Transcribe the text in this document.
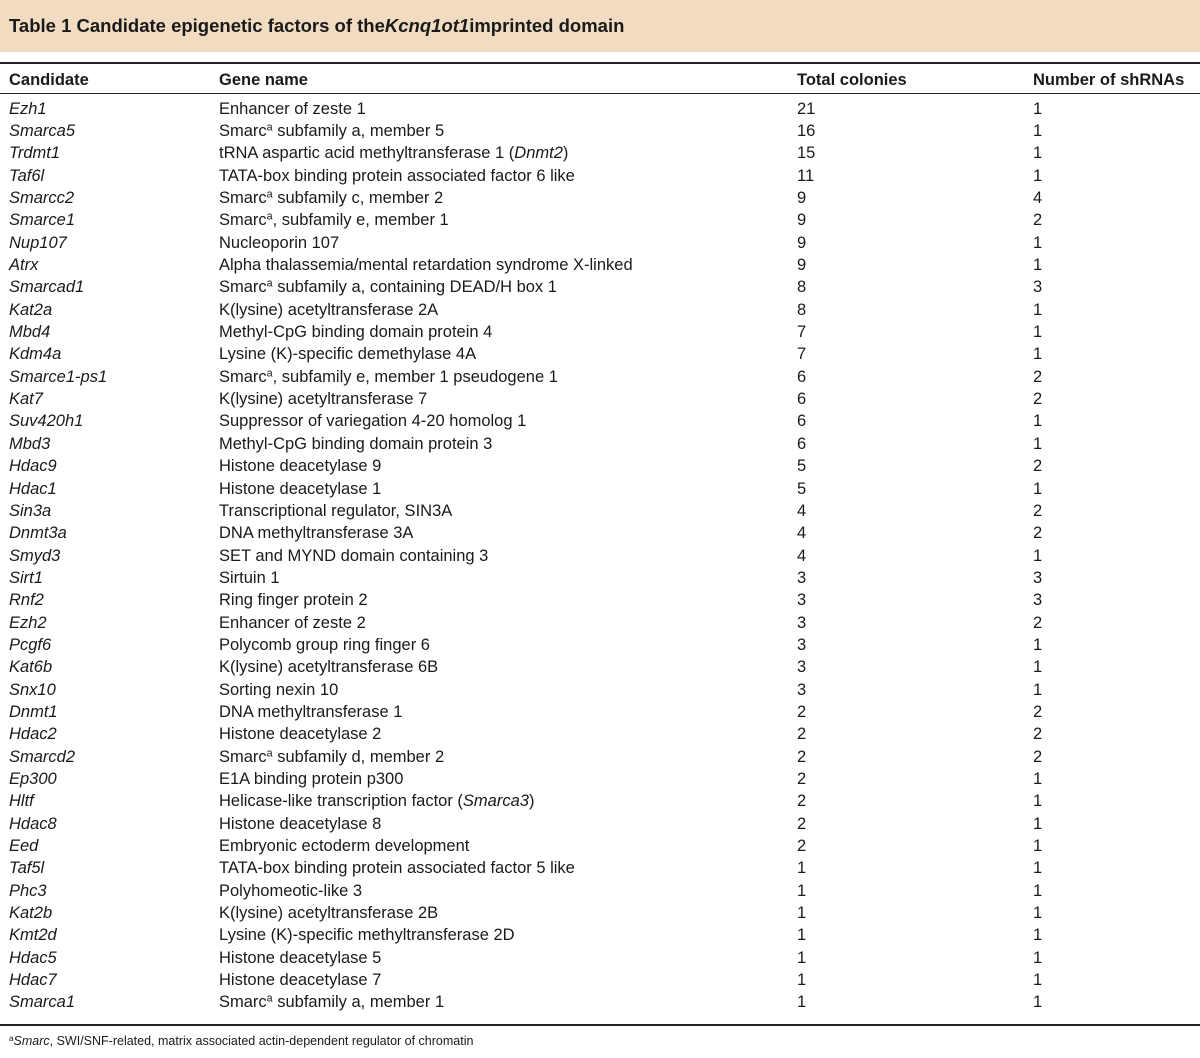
Table 1 Candidate epigenetic factors of the Kcnq1ot1 imprinted domain
Candidate	Gene name	Total colonies	Number of shRNAs
Ezh1	Enhancer of zeste 1	21	1
Smarca5	Smarc$^a$ subfamily a, member 5	16	1
Trdmt1	tRNA aspartic acid methyltransferase 1 (Dnmt2)	15	1
Taf6l	TATA-box binding protein associated factor 6 like	11	1
Smarcc2	Smarc$^a$ subfamily c, member 2	9	4
Smarce1	Smarc$^a$, subfamily e, member 1	9	2
Nup107	Nucleoporin 107	9	1
Atrx	Alpha thalassemia/mental retardation syndrome X-linked	9	1
Smarcad1	Smarc$^a$ subfamily a, containing DEAD/H box 1	8	3
Kat2a	K(lysine) acetyltransferase 2A	8	1
Mbd4	Methyl-CpG binding domain protein 4	7	1
Kdm4a	Lysine (K)-specific demethylase 4A	7	1
Smarce1-ps1	Smarc$^a$, subfamily e, member 1 pseudogene 1	6	2
Kat7	K(lysine) acetyltransferase 7	6	2
Suv420h1	Suppressor of variegation 4-20 homolog 1	6	1
Mbd3	Methyl-CpG binding domain protein 3	6	1
Hdac9	Histone deacetylase 9	5	2
Hdac1	Histone deacetylase 1	5	1
Sin3a	Transcriptional regulator, SIN3A	4	2
Dnmt3a	DNA methyltransferase 3A	4	2
Smyd3	SET and MYND domain containing 3	4	1
Sirt1	Sirtuin 1	3	3
Rnf2	Ring finger protein 2	3	3
Ezh2	Enhancer of zeste 2	3	2
Pcgf6	Polycomb group ring finger 6	3	1
Kat6b	K(lysine) acetyltransferase 6B	3	1
Snx10	Sorting nexin 10	3	1
Dnmt1	DNA methyltransferase 1	2	2
Hdac2	Histone deacetylase 2	2	2
Smarcd2	Smarc$^a$ subfamily d, member 2	2	2
Ep300	E1A binding protein p300	2	1
Hltf	Helicase-like transcription factor (Smarca3)	2	1
Hdac8	Histone deacetylase 8	2	1
Eed	Embryonic ectoderm development	2	1
Taf5l	TATA-box binding protein associated factor 5 like	1	1
Phc3	Polyhomeotic-like 3	1	1
Kat2b	K(lysine) acetyltransferase 2B	1	1
Kmt2d	Lysine (K)-specific methyltransferase 2D	1	1
Hdac5	Histone deacetylase 5	1	1
Hdac7	Histone deacetylase 7	1	1
Smarca1	Smarc$^a$ subfamily a, member 1	1	1
$^a$Smarc, SWI/SNF-related, matrix associated actin-dependent regulator of chromatin
